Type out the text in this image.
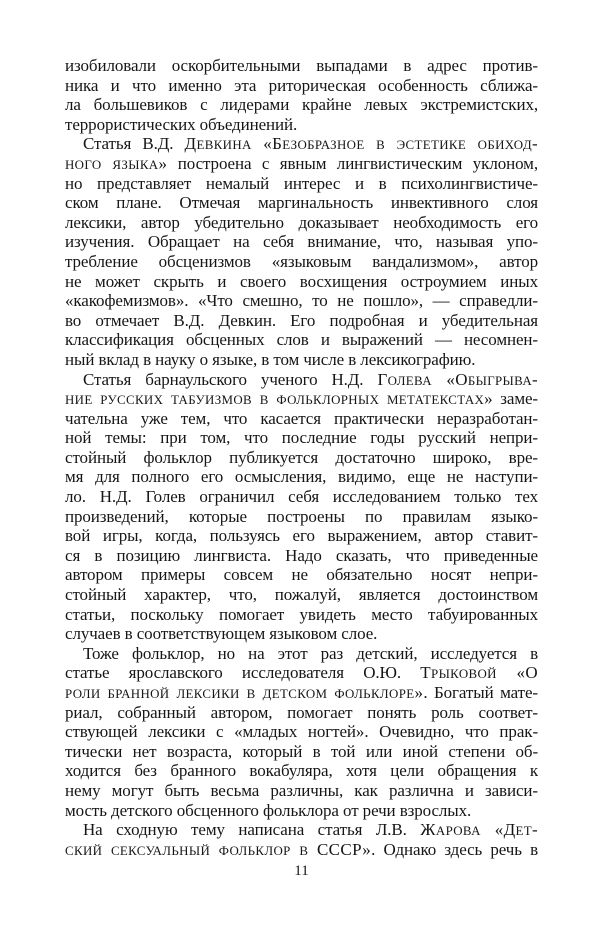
изобиловали оскорбительными выпадами в адрес против-
ника и что именно эта риторическая особенность сближа-
ла большевиков с лидерами крайне левых экстремистских,
террористических объединений.
Статья В.Д. ДЕВКИНА «БЕЗОБРАЗНОЕ В ЭСТЕТИКЕ ОБИХОД-
НОГО ЯЗЫКА» построена с явным лингвистическим уклоном,
но представляет немалый интерес и в психолингвистиче-
ском плане. Отмечая маргинальность инвективного слоя
лексики, автор убедительно доказывает необходимость его
изучения. Обращает на себя внимание, что, называя упо-
требление обсценизмов «языковым вандализмом», автор
не может скрыть и своего восхищения остроумием иных
«какофемизмов». «Что смешно, то не пошло», — справедли-
во отмечает В.Д. Девкин. Его подробная и убедительная
классификация обсценных слов и выражений — несомнен-
ный вклад в науку о языке, в том числе в лексикографию.
Статья барнаульского ученого Н.Д. ГОЛЕВА «ОБЫГРЫВА-
НИЕ РУССКИХ ТАБУИЗМОВ В ФОЛЬКЛОРНЫХ МЕТАТЕКСТАХ» заме-
чательна уже тем, что касается практически неразработан-
ной темы: при том, что последние годы русский непри-
стойный фольклор публикуется достаточно широко, вре-
мя для полного его осмысления, видимо, еще не наступи-
ло. Н.Д. Голев ограничил себя исследованием только тех
произведений, которые построены по правилам языко-
вой игры, когда, пользуясь его выражением, автор ставит-
ся в позицию лингвиста. Надо сказать, что приведенные
автором примеры совсем не обязательно носят непри-
стойный характер, что, пожалуй, является достоинством
статьи, поскольку помогает увидеть место табуированных
случаев в соответствующем языковом слое.
Тоже фольклор, но на этот раз детский, исследуется в
статье ярославского исследователя О.Ю. ТРЫКОВОЙ «О
РОЛИ БРАННОЙ ЛЕКСИКИ В ДЕТСКОМ ФОЛЬКЛОРЕ». Богатый мате-
риал, собранный автором, помогает понять роль соответ-
ствующей лексики с «младых ногтей». Очевидно, что прак-
тически нет возраста, который в той или иной степени об-
ходится без бранного вокабуляра, хотя цели обращения к
нему могут быть весьма различны, как различна и зависи-
мость детского обсценного фольклора от речи взрослых.
На сходную тему написана статья Л.В. ЖАРОВА «ДЕТ-
СКИЙ СЕКСУАЛЬНЫЙ ФОЛЬКЛОР В СССР». Однако здесь речь в
11
